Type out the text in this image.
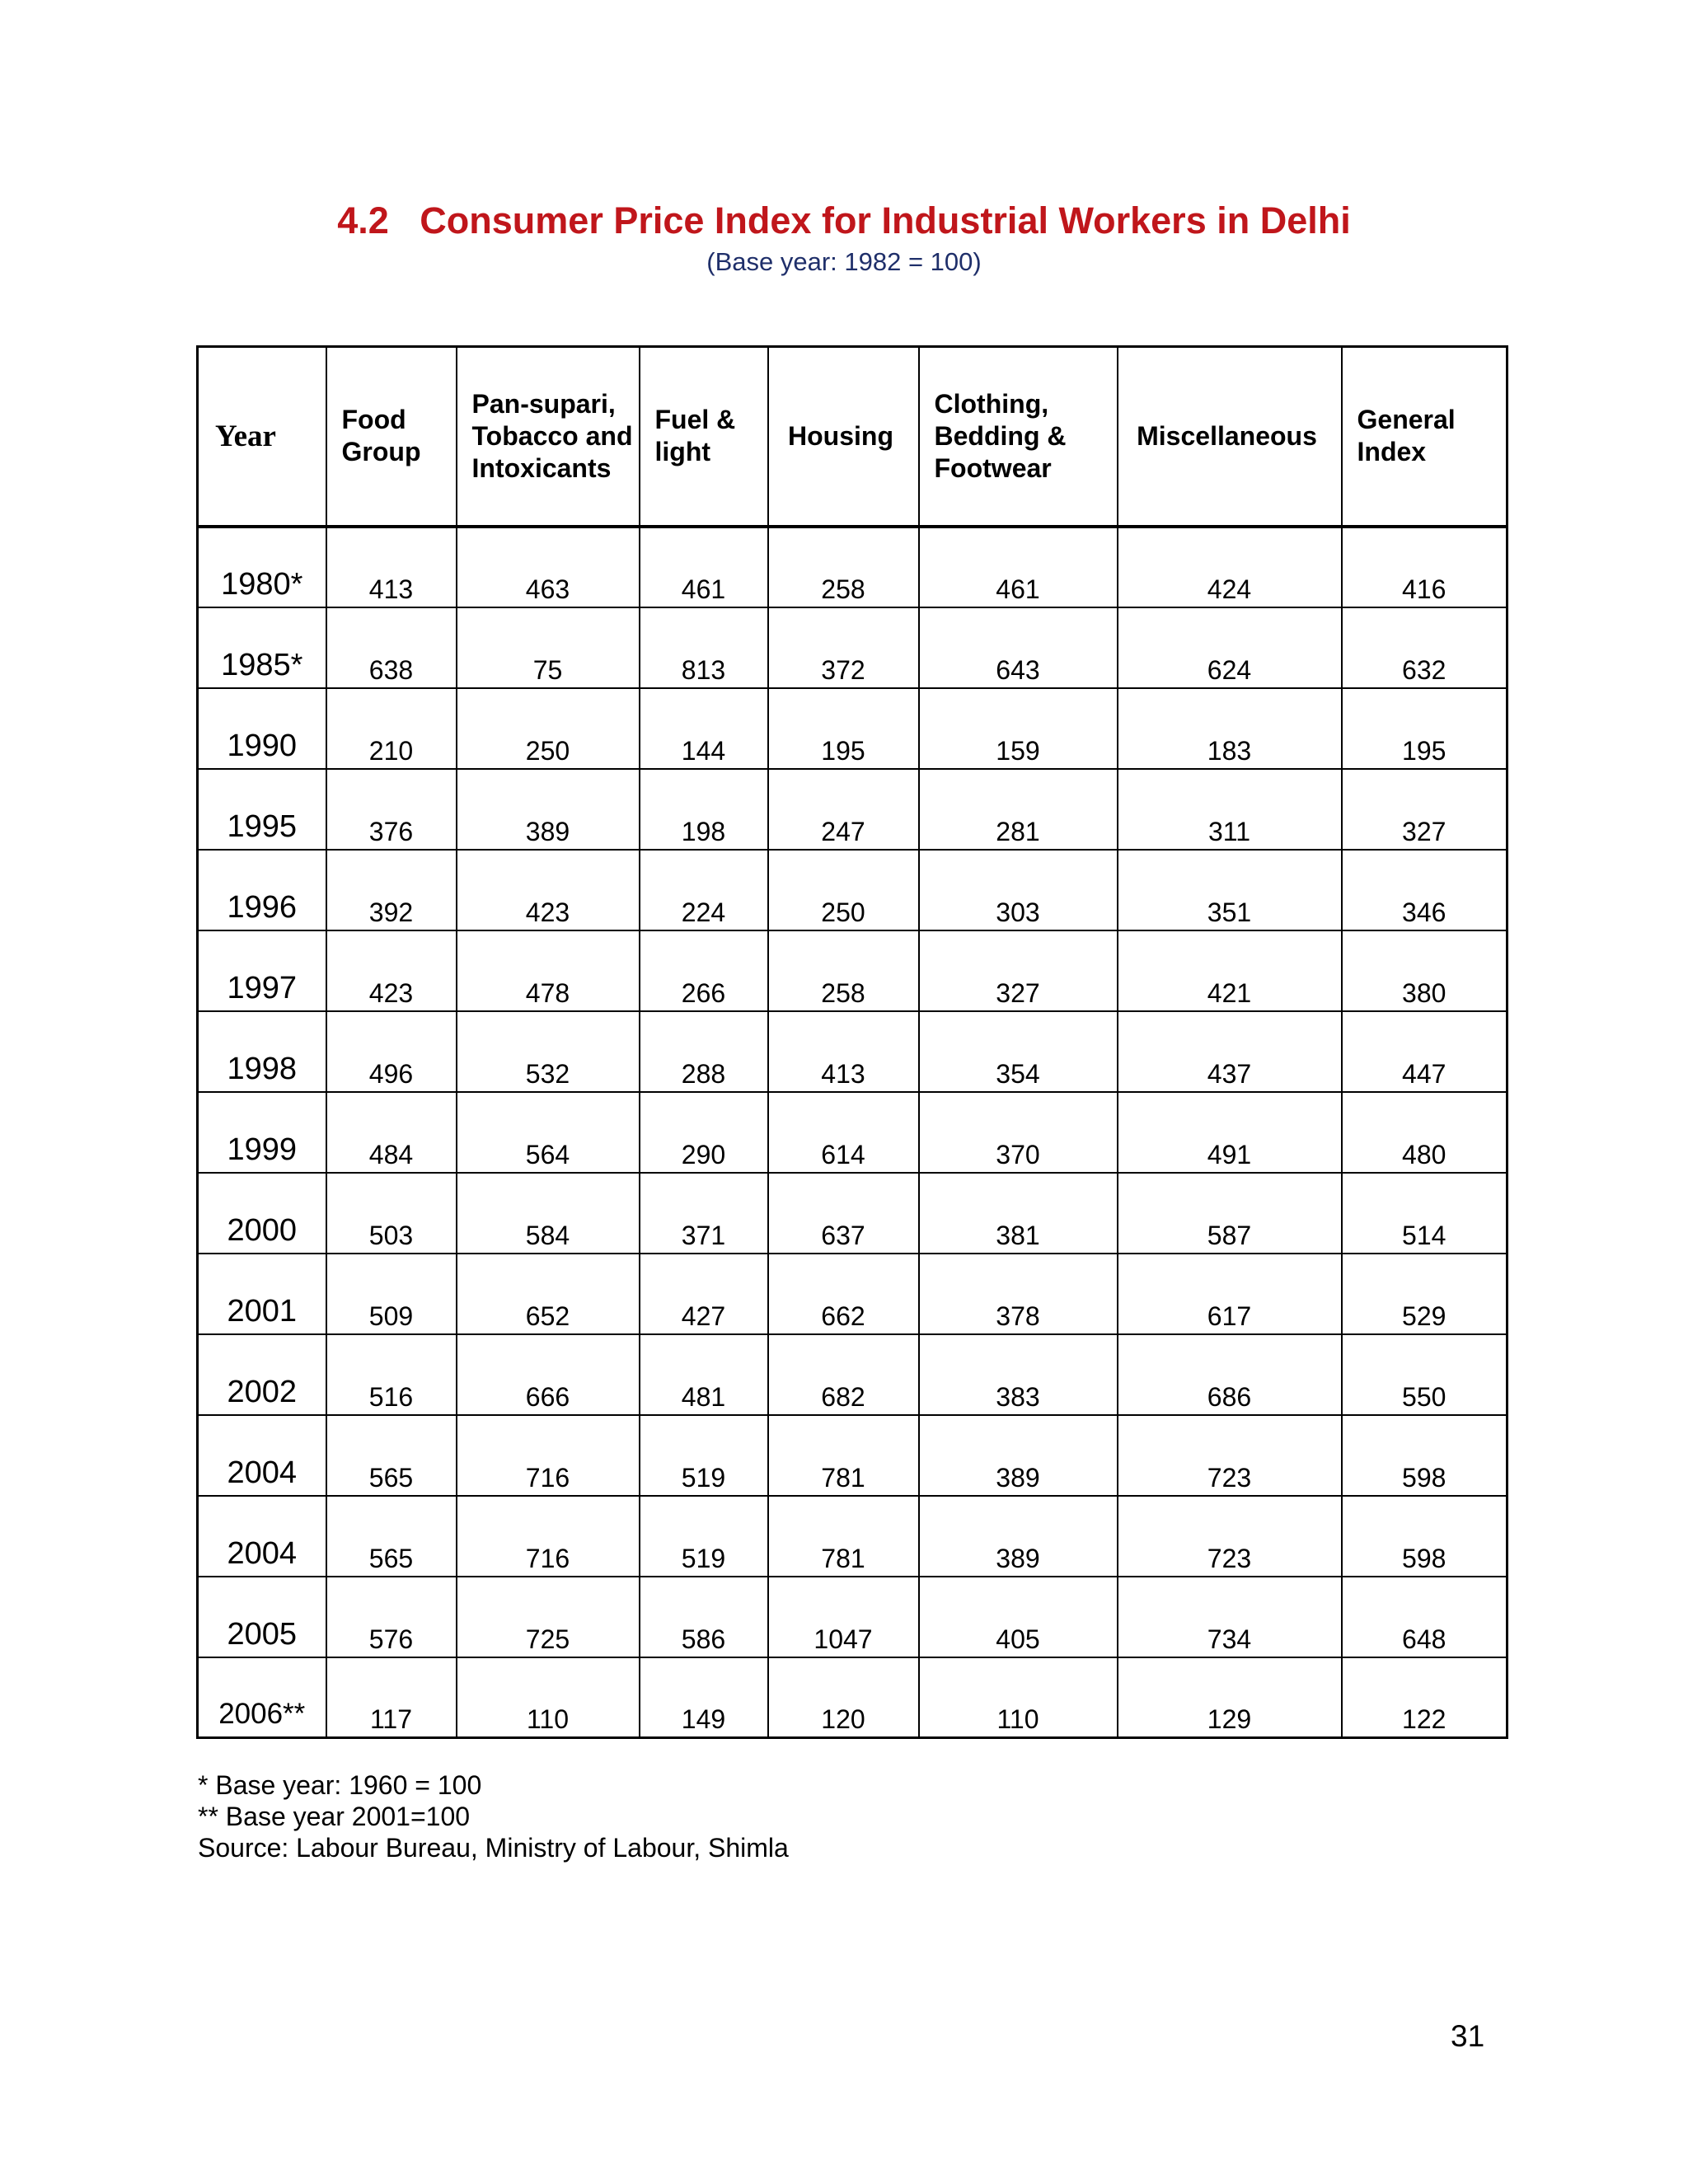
4.2   Consumer Price Index for Industrial Workers in Delhi
(Base year: 1982 = 100)
Year	Food Group	Pan-supari, Tobacco and Intoxicants	Fuel & light	Housing	Clothing, Bedding & Footwear	Miscellaneous	General Index
1980*	413	463	461	258	461	424	416
1985*	638	75	813	372	643	624	632
1990	210	250	144	195	159	183	195
1995	376	389	198	247	281	311	327
1996	392	423	224	250	303	351	346
1997	423	478	266	258	327	421	380
1998	496	532	288	413	354	437	447
1999	484	564	290	614	370	491	480
2000	503	584	371	637	381	587	514
2001	509	652	427	662	378	617	529
2002	516	666	481	682	383	686	550
2004	565	716	519	781	389	723	598
2004	565	716	519	781	389	723	598
2005	576	725	586	1047	405	734	648
2006**	117	110	149	120	110	129	122
* Base year: 1960 = 100
** Base year 2001=100
Source: Labour Bureau, Ministry of Labour, Shimla
31
